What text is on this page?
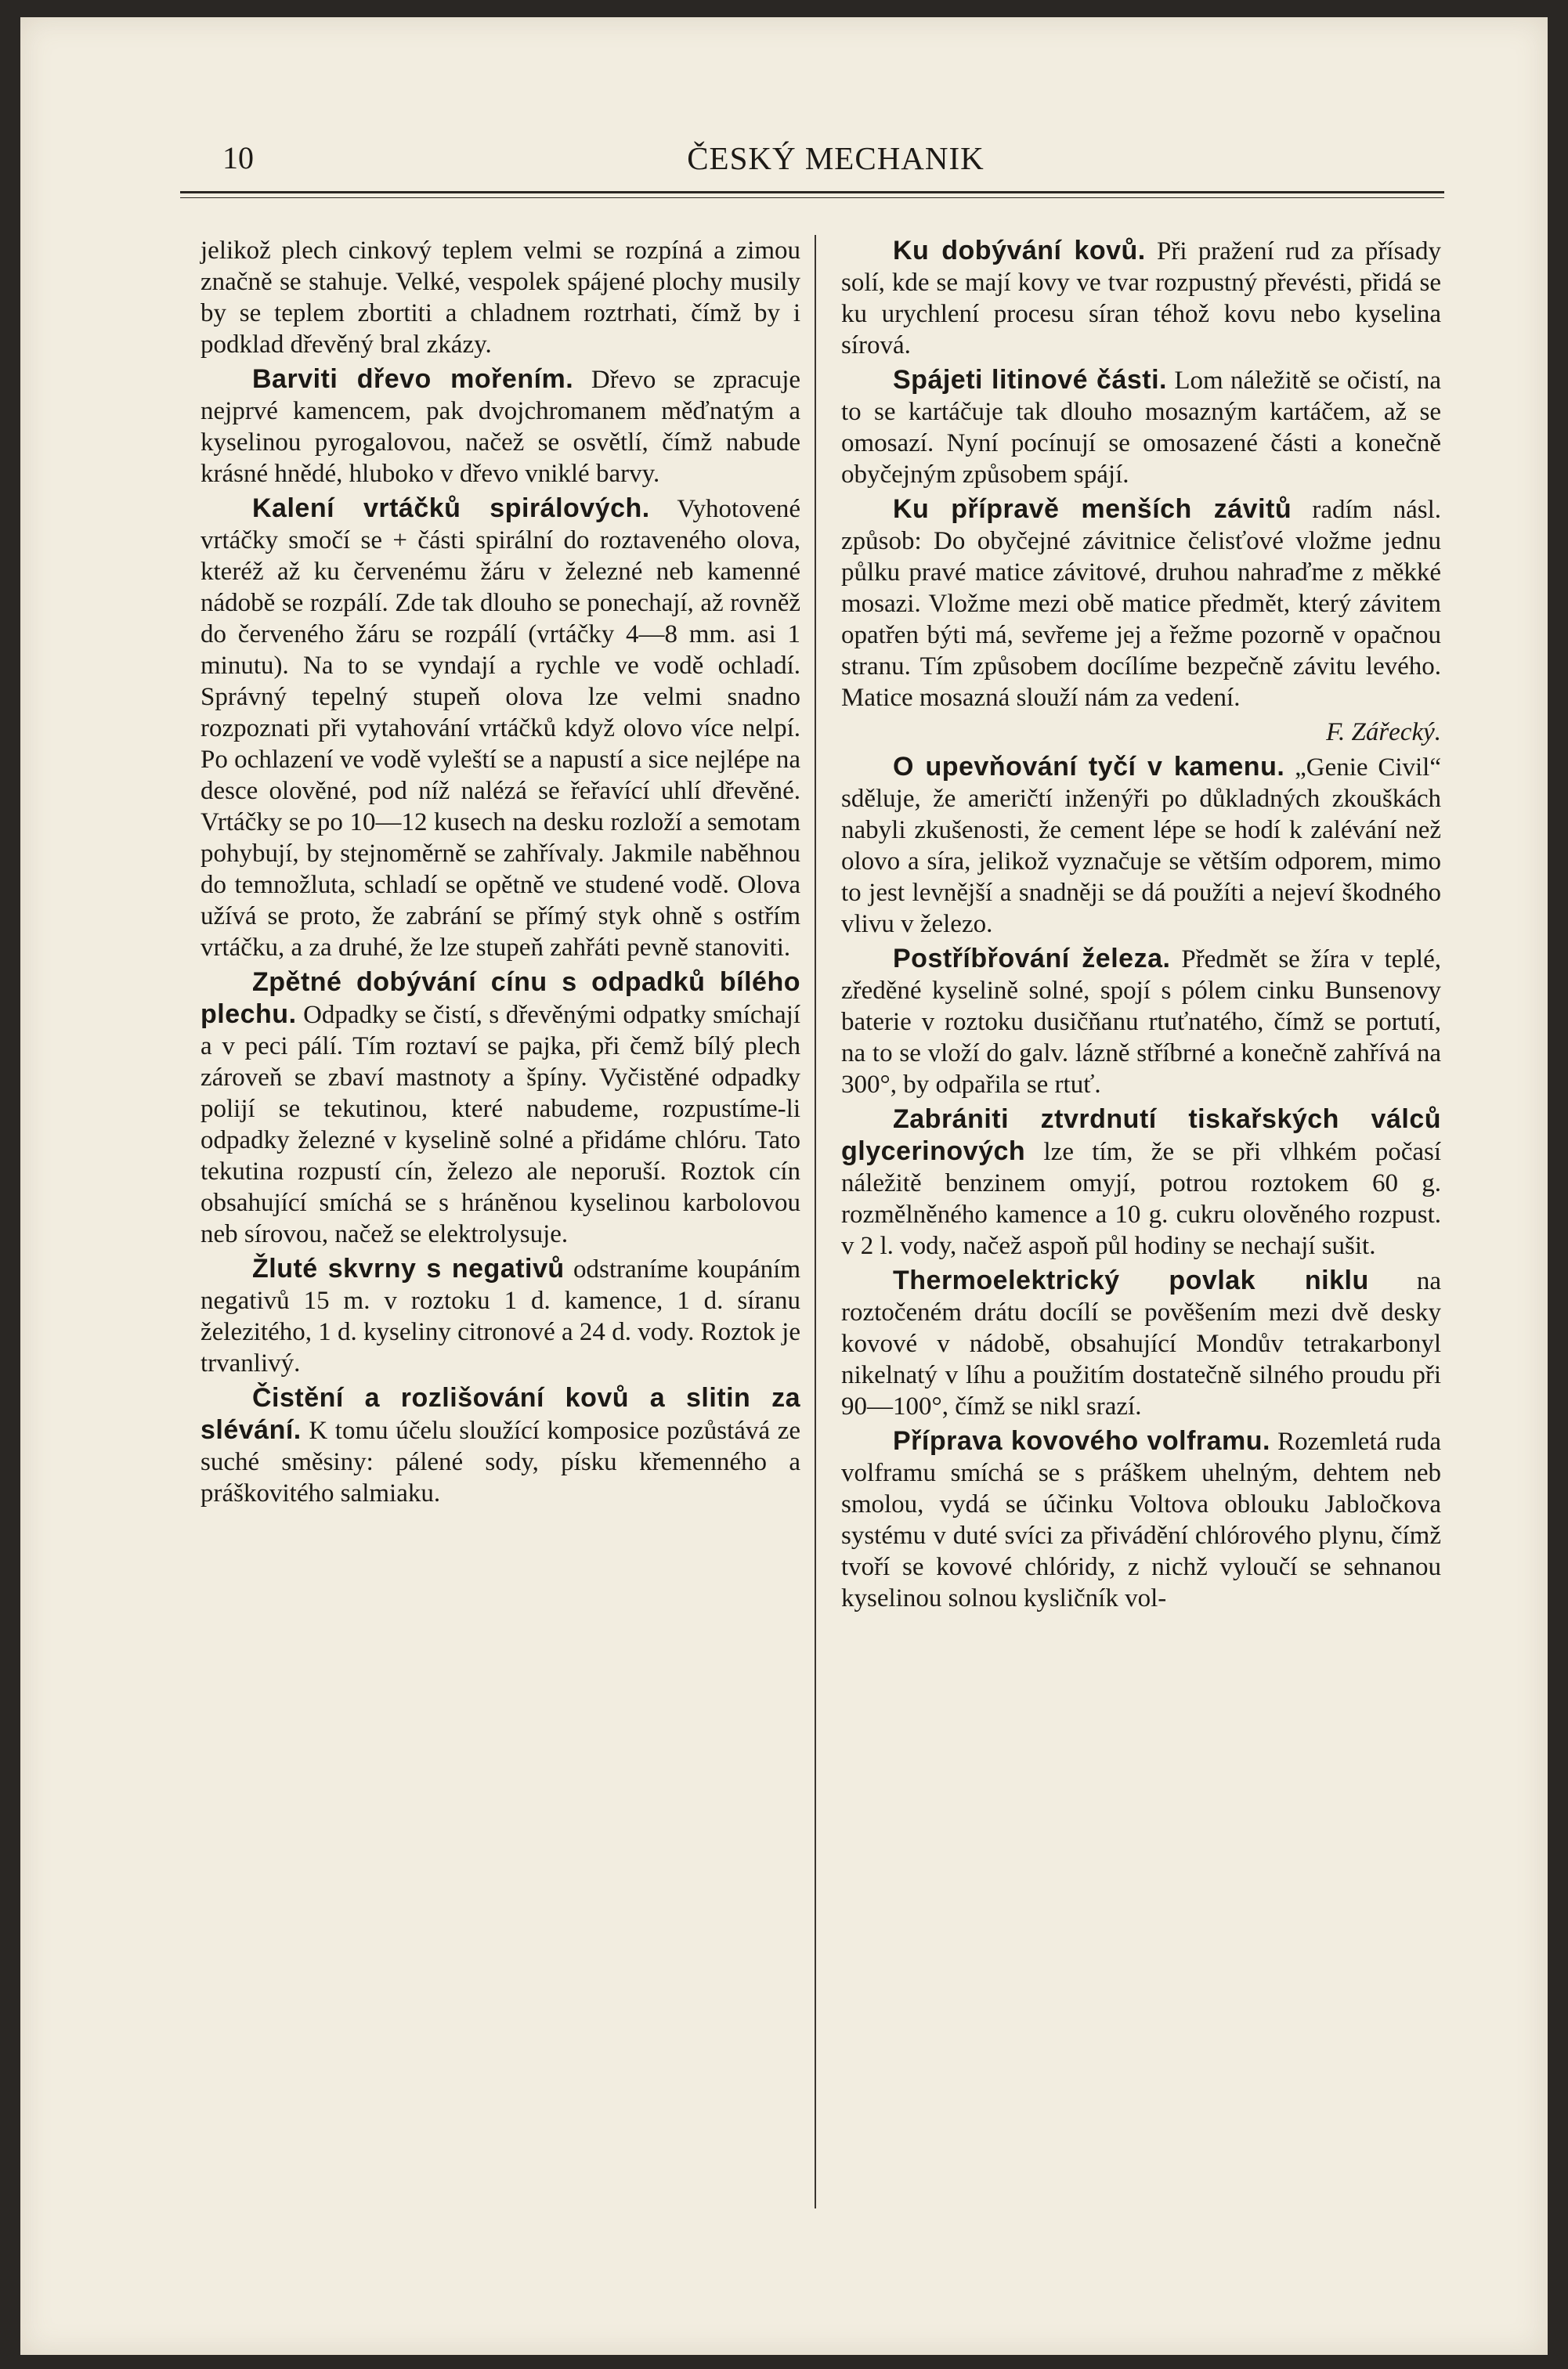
10	ČESKÝ MECHANIK

jelikož plech cinkový teplem velmi se rozpíná a zimou značně se stahuje. Velké, vespolek spájené plochy musily by se teplem zbortiti a chladnem roztrhati, čímž by i podklad dřevěný bral zkázy.

Barviti dřevo mořením. Dřevo se zpracuje nejprvé kamencem, pak dvojchromanem měďnatým a kyselinou pyrogalovou, načež se osvětlí, čímž nabude krásné hnědé, hluboko v dřevo vniklé barvy.

Kalení vrtáčků spirálových. Vyhotovené vrtáčky smočí se + části spirální do roztaveného olova, kteréž až ku červenému žáru v železné neb kamenné nádobě se rozpálí. Zde tak dlouho se ponechají, až rovněž do červeného žáru se rozpálí (vrtáčky 4—8 mm. asi 1 minutu). Na to se vyndají a rychle ve vodě ochladí. Správný tepelný stupeň olova lze velmi snadno rozpoznati při vytahování vrtáčků když olovo více nelpí. Po ochlazení ve vodě vyleští se a napustí a sice nejlépe na desce olověné, pod níž nalézá se řeřavící uhlí dřevěné. Vrtáčky se po 10—12 kusech na desku rozloží a semotam pohybují, by stejnoměrně se zahřívaly. Jakmile naběhnou do temnožluta, schladí se opětně ve studené vodě. Olova užívá se proto, že zabrání se přímý styk ohně s ostřím vrtáčku, a za druhé, že lze stupeň zahřáti pevně stanoviti.

Zpětné dobývání cínu s odpadků bílého plechu. Odpadky se čistí, s dřevěnými odpatky smíchají a v peci pálí. Tím roztaví se pajka, při čemž bílý plech zároveň se zbaví mastnoty a špíny. Vyčistěné odpadky polijí se tekutinou, které nabudeme, rozpustíme-li odpadky železné v kyselině solné a přidáme chlóru. Tato tekutina rozpustí cín, železo ale neporuší. Roztok cín obsahující smíchá se s hráněnou kyselinou karbolovou neb sírovou, načež se elektrolysuje.

Žluté skvrny s negativů odstraníme koupáním negativů 15 m. v roztoku 1 d. kamence, 1 d. síranu železitého, 1 d. kyseliny citronové a 24 d. vody. Roztok je trvanlivý.

Čistění a rozlišování kovů a slitin za slévání. K tomu účelu sloužící komposice pozůstává ze suché směsiny: pálené sody, písku křemenného a práškovitého salmiaku.

Ku dobývání kovů. Při pražení rud za přísady solí, kde se mají kovy ve tvar rozpustný převésti, přidá se ku urychlení procesu síran téhož kovu nebo kyselina sírová.

Spájeti litinové části. Lom náležitě se očistí, na to se kartáčuje tak dlouho mosazným kartáčem, až se omosazí. Nyní pocínují se omosazené části a konečně obyčejným způsobem spájí.

Ku přípravě menších závitů radím násl. způsob: Do obyčejné závitnice čelisťové vložme jednu půlku pravé matice závitové, druhou nahraďme z měkké mosazi. Vložme mezi obě matice předmět, který závitem opatřen býti má, sevřeme jej a řežme pozorně v opačnou stranu. Tím způsobem docílíme bezpečně závitu levého. Matice mosazná slouží nám za vedení.

F. Zářecký.

O upevňování tyčí v kamenu. „Genie Civil“ sděluje, že američtí inženýři po důkladných zkouškách nabyli zkušenosti, že cement lépe se hodí k zalévání než olovo a síra, jelikož vyznačuje se větším odporem, mimo to jest levnější a snadněji se dá použíti a nejeví škodného vlivu v železo.

Postříbřování železa. Předmět se žíra v teplé, zředěné kyselině solné, spojí s pólem cinku Bunsenovy baterie v roztoku dusičňanu rtuťnatého, čímž se portutí, na to se vloží do galv. lázně stříbrné a konečně zahřívá na 300°, by odpařila se rtuť.

Zabrániti ztvrdnutí tiskařských válců glycerinových lze tím, že se při vlhkém počasí náležitě benzinem omyjí, potrou roztokem 60 g. rozmělněného kamence a 10 g. cukru olověného rozpust. v 2 l. vody, načež aspoň půl hodiny se nechají sušit.

Thermoelektrický povlak niklu na roztočeném drátu docílí se pověšením mezi dvě desky kovové v nádobě, obsahující Mondův tetrakarbonyl nikelnatý v líhu a použitím dostatečně silného proudu při 90—100°, čímž se nikl srazí.

Příprava kovového volframu. Rozemletá ruda volframu smíchá se s práškem uhelným, dehtem neb smolou, vydá se účinku Voltova oblouku Jabločkova systému v duté svíci za přivádění chlórového plynu, čímž tvoří se kovové chlóridy, z nichž vyloučí se sehnanou kyselinou solnou kysličník vol-
